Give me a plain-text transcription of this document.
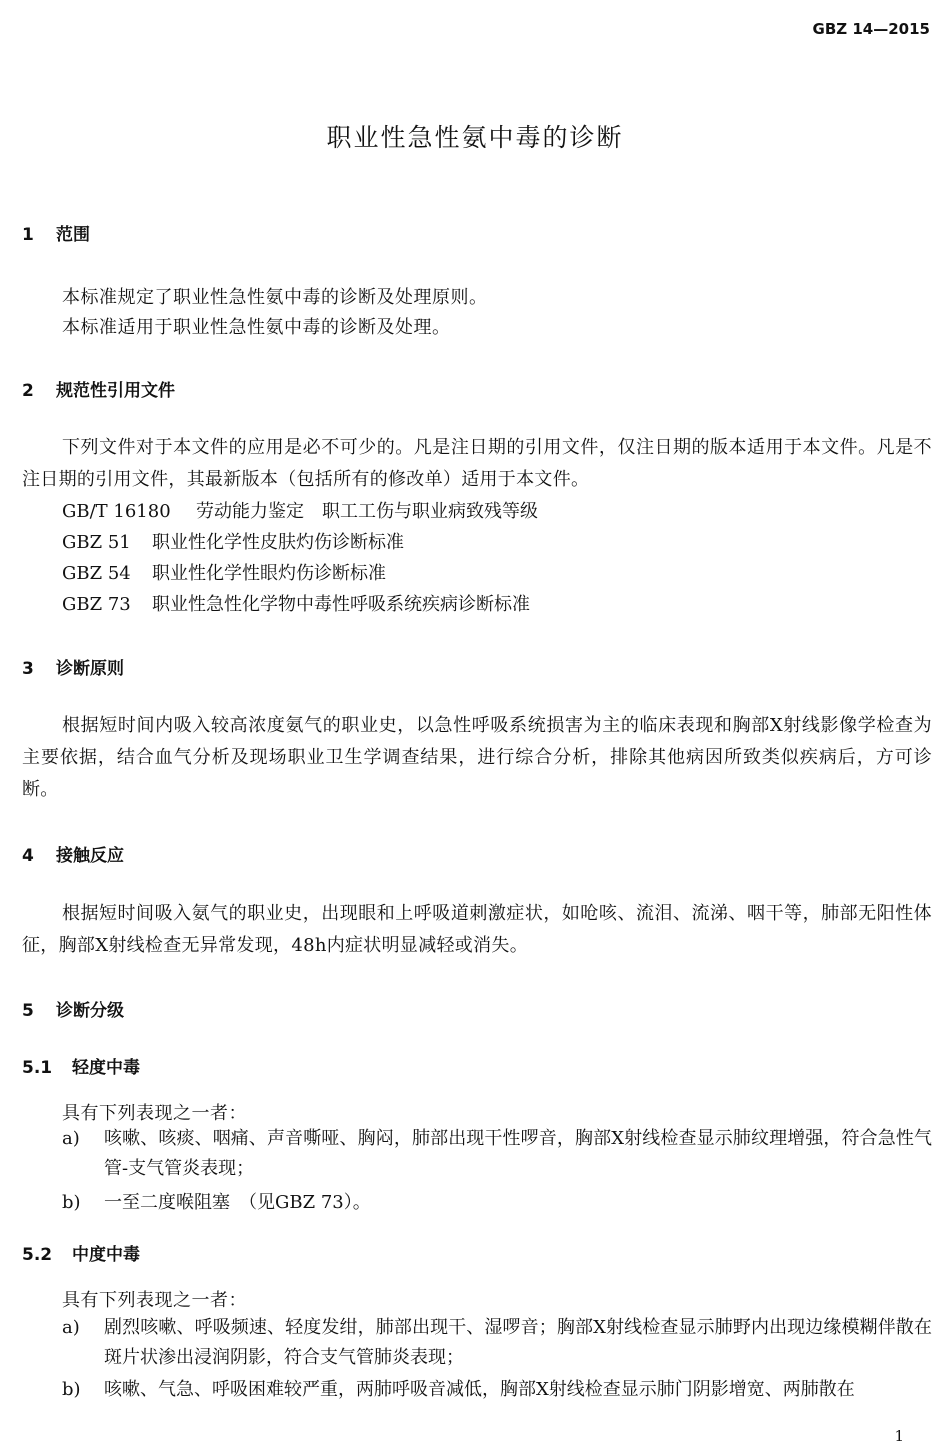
GBZ 14—2015
职业性急性氨中毒的诊断
1 范围
本标准规定了职业性急性氨中毒的诊断及处理原则。
本标准适用于职业性急性氨中毒的诊断及处理。
2 规范性引用文件
下列文件对于本文件的应用是必不可少的。凡是注日期的引用文件，仅注日期的版本适用于本文件。凡是不注日期的引用文件，其最新版本（包括所有的修改单）适用于本文件。
GB/T 16180 劳动能力鉴定　职工工伤与职业病致残等级
GBZ 51 职业性化学性皮肤灼伤诊断标准
GBZ 54 职业性化学性眼灼伤诊断标准
GBZ 73 职业性急性化学物中毒性呼吸系统疾病诊断标准
3 诊断原则
根据短时间内吸入较高浓度氨气的职业史，以急性呼吸系统损害为主的临床表现和胸部X射线影像学检查为主要依据，结合血气分析及现场职业卫生学调查结果，进行综合分析，排除其他病因所致类似疾病后，方可诊断。
4 接触反应
根据短时间吸入氨气的职业史，出现眼和上呼吸道刺激症状，如呛咳、流泪、流涕、咽干等，肺部无阳性体征，胸部X射线检查无异常发现，48h内症状明显减轻或消失。
5 诊断分级
5.1 轻度中毒
具有下列表现之一者：
a) 咳嗽、咳痰、咽痛、声音嘶哑、胸闷，肺部出现干性啰音，胸部X射线检查显示肺纹理增强，符合急性气管-支气管炎表现；
b) 一至二度喉阻塞　（见GBZ 73）。
5.2 中度中毒
具有下列表现之一者：
a) 剧烈咳嗽、呼吸频速、轻度发绀，肺部出现干、湿啰音；胸部X射线检查显示肺野内出现边缘模糊伴散在斑片状渗出浸润阴影，符合支气管肺炎表现；
b) 咳嗽、气急、呼吸困难较严重，两肺呼吸音减低，胸部X射线检查显示肺门阴影增宽、两肺散在
1
